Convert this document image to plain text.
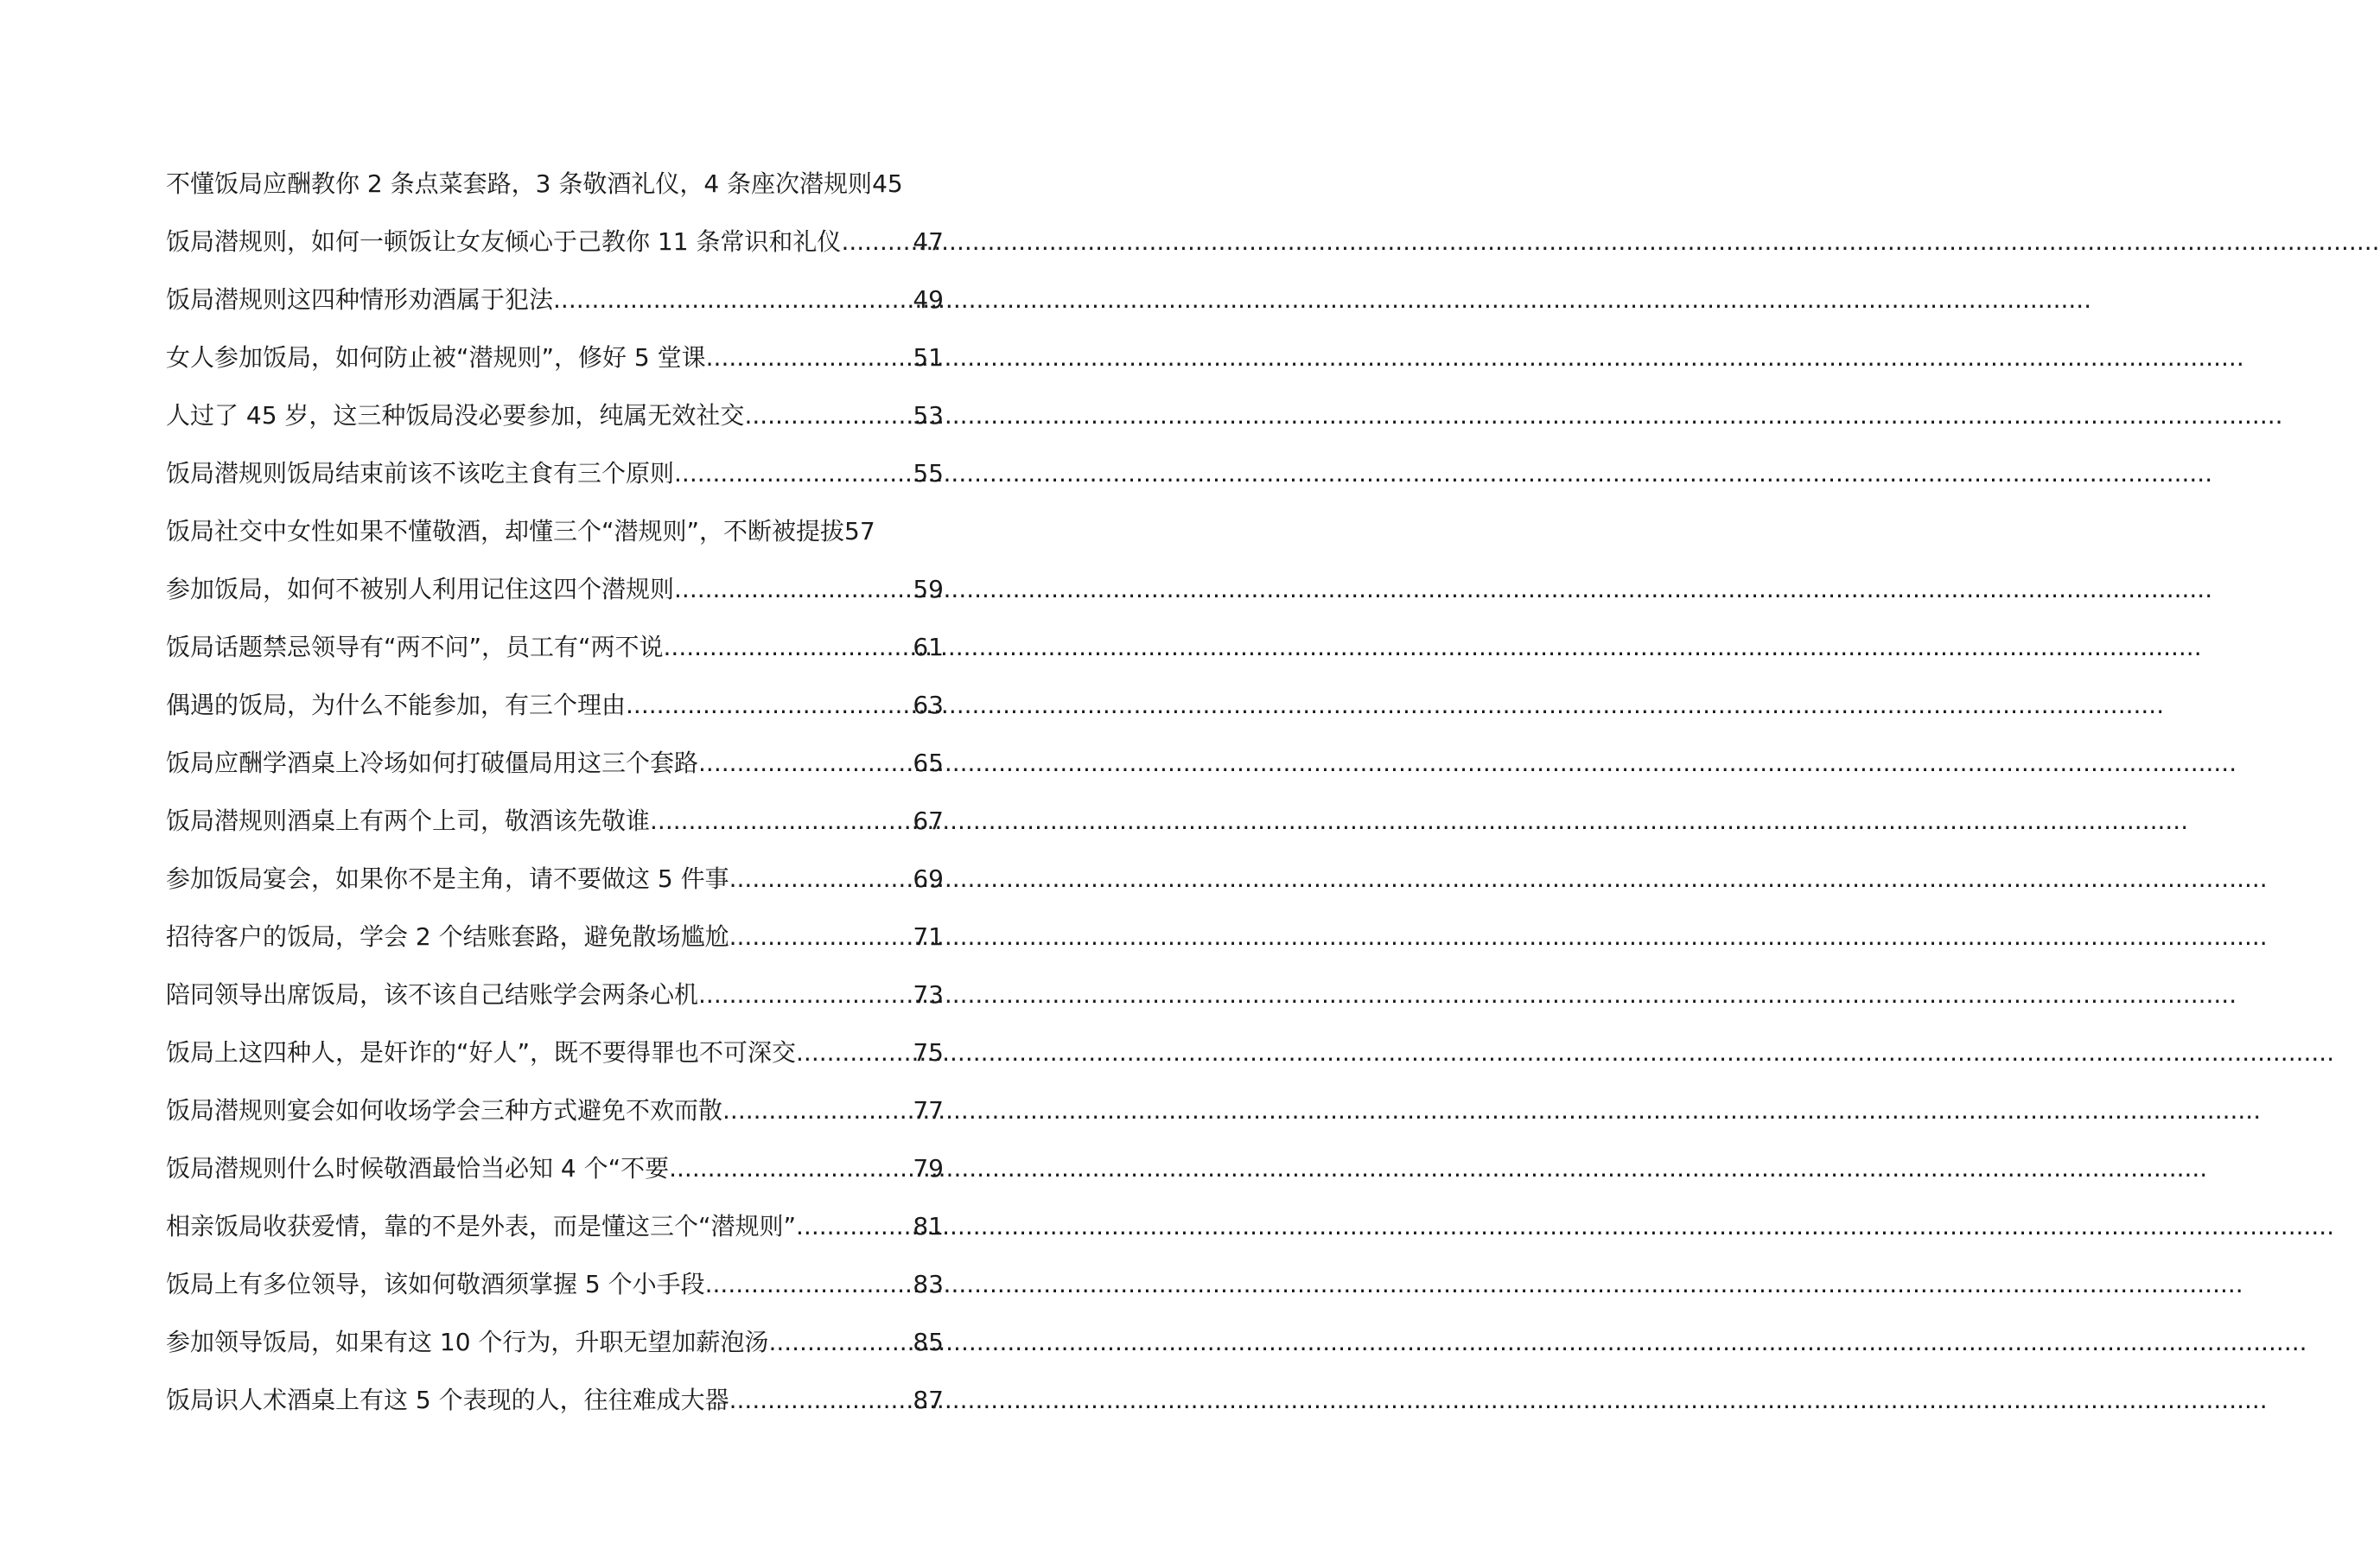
不懂饭局应酬教你 2 条点菜套路，3 条敬酒礼仪，4 条座次潜规则 45
饭局潜规则，如何一顿饭让女友倾心于己教你 11 条常识和礼仪 .....	47
饭局潜规则这四种情形劝酒属于犯法 .....	49
女人参加饭局，如何防止被“潜规则”，修好 5 堂课 .....	51
人过了 45 岁，这三种饭局没必要参加，纯属无效社交 .....	53
饭局潜规则饭局结束前该不该吃主食有三个原则 .....	55
饭局社交中女性如果不懂敬酒，却懂三个“潜规则”，不断被提拔 57
参加饭局，如何不被别人利用记住这四个潜规则 .....	59
饭局话题禁忌领导有“两不问”，员工有“两不说 .....	61
偶遇的饭局，为什么不能参加，有三个理由 .....	63
饭局应酬学酒桌上冷场如何打破僵局用这三个套路 .....	65
饭局潜规则酒桌上有两个上司，敬酒该先敬谁 .....	67
参加饭局宴会，如果你不是主角，请不要做这 5 件事 .....	69
招待客户的饭局，学会 2 个结账套路，避免散场尴尬 .....	71
陪同领导出席饭局，该不该自己结账学会两条心机 .....	73
饭局上这四种人，是奸诈的“好人”，既不要得罪也不可深交 .....	75
饭局潜规则宴会如何收场学会三种方式避免不欢而散 .....	77
饭局潜规则什么时候敬酒最恰当必知 4 个“不要 .....	79
相亲饭局收获爱情，靠的不是外表，而是懂这三个“潜规则” .....	81
饭局上有多位领导，该如何敬酒须掌握 5 个小手段 .....	83
参加领导饭局，如果有这 10 个行为，升职无望加薪泡汤 .....	85
饭局识人术酒桌上有这 5 个表现的人，往往难成大器 .....	87
